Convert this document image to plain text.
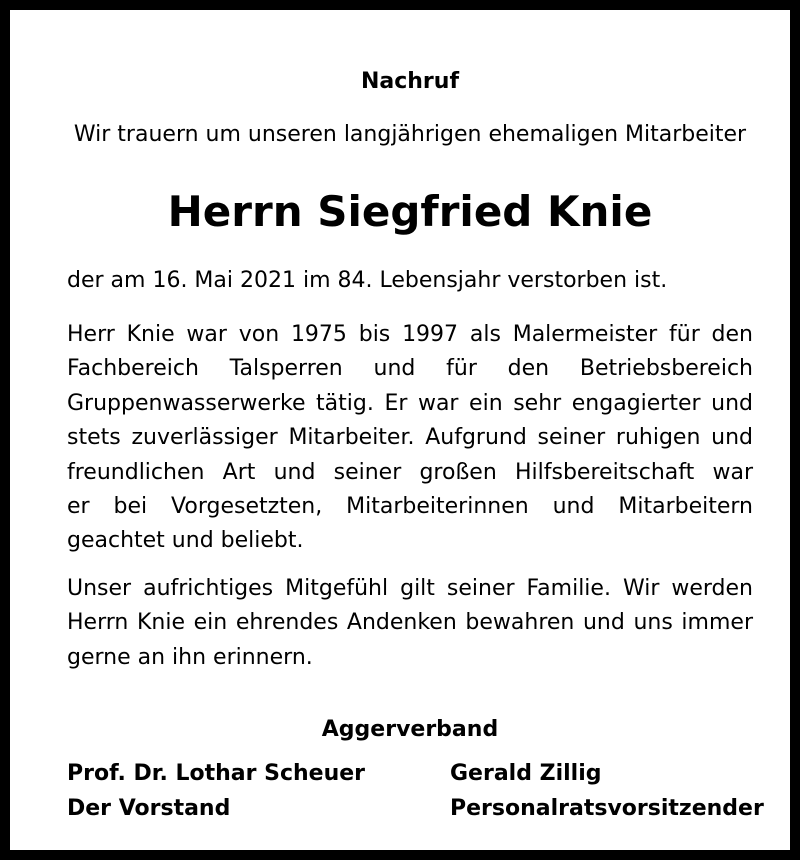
Nachruf

Wir trauern um unseren langjährigen ehemaligen Mitarbeiter

Herrn Siegfried Knie

der am 16. Mai 2021 im 84. Lebensjahr verstorben ist.

Herr Knie war von 1975 bis 1997 als Malermeister für den
Fachbereich Talsperren und für den Betriebsbereich
Gruppenwasserwerke tätig. Er war ein sehr engagierter und
stets zuverlässiger Mitarbeiter. Aufgrund seiner ruhigen und
freundlichen Art und seiner großen Hilfsbereitschaft war
er bei Vorgesetzten, Mitarbeiterinnen und Mitarbeitern
geachtet und beliebt.
Unser aufrichtiges Mitgefühl gilt seiner Familie. Wir werden
Herrn Knie ein ehrendes Andenken bewahren und uns immer
gerne an ihn erinnern.

Aggerverband

Prof. Dr. Lothar Scheuer

Der Vorstand

Gerald Zillig

Personalratsvorsitzender
